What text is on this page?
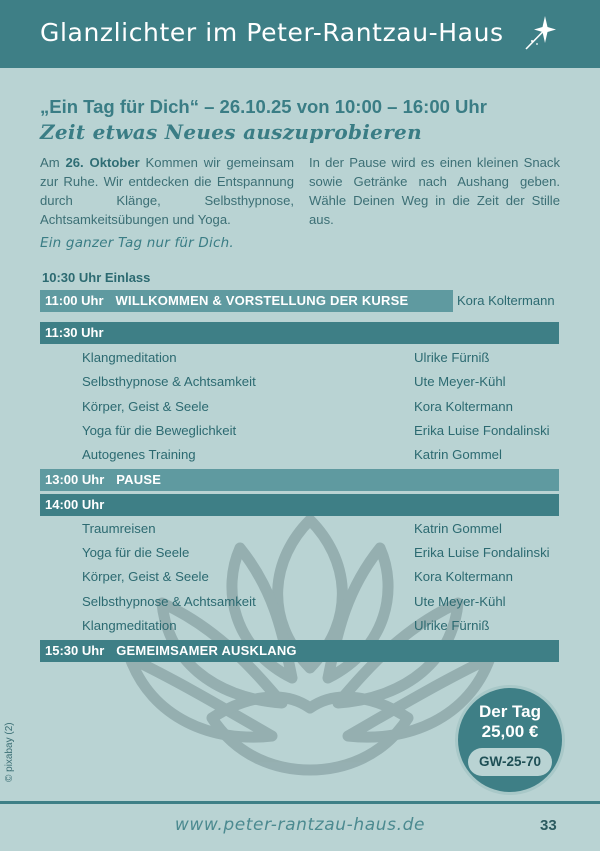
Glanzlichter im Peter-Rantzau-Haus
„Ein Tag für Dich“ – 26.10.25 von 10:00 – 16:00 Uhr
Zeit etwas Neues auszuprobieren
Am 26. Oktober Kommen wir gemeinsam zur Ruhe. Wir entdecken die Entspannung durch Klänge, Selbsthypnose, Achtsamkeitsübungen und Yoga.
In der Pause wird es einen kleinen Snack sowie Getränke nach Aushang geben. Wähle Deinen Weg in die Zeit der Stille aus.
Ein ganzer Tag nur für Dich.
10:30 Uhr Einlass
11:00 Uhr WILLKOMMEN & VORSTELLUNG DER KURSE	Kora Koltermann
11:30 Uhr
Klangmeditation	Ulrike Fürniß
Selbsthypnose & Achtsamkeit	Ute Meyer-Kühl
Körper, Geist & Seele	Kora Koltermann
Yoga für die Beweglichkeit	Erika Luise Fondalinski
Autogenes Training	Katrin Gommel
13:00 Uhr PAUSE
14:00 Uhr
Traumreisen	Katrin Gommel
Yoga für die Seele	Erika Luise Fondalinski
Körper, Geist & Seele	Kora Koltermann
Selbsthypnose & Achtsamkeit	Ute Meyer-Kühl
Klangmeditation	Ulrike Fürniß
15:30 Uhr GEMEIMSAMER AUSKLANG
Der Tag
25,00 €
GW-25-70
© pixabay (2)
www.peter-rantzau-haus.de	33
